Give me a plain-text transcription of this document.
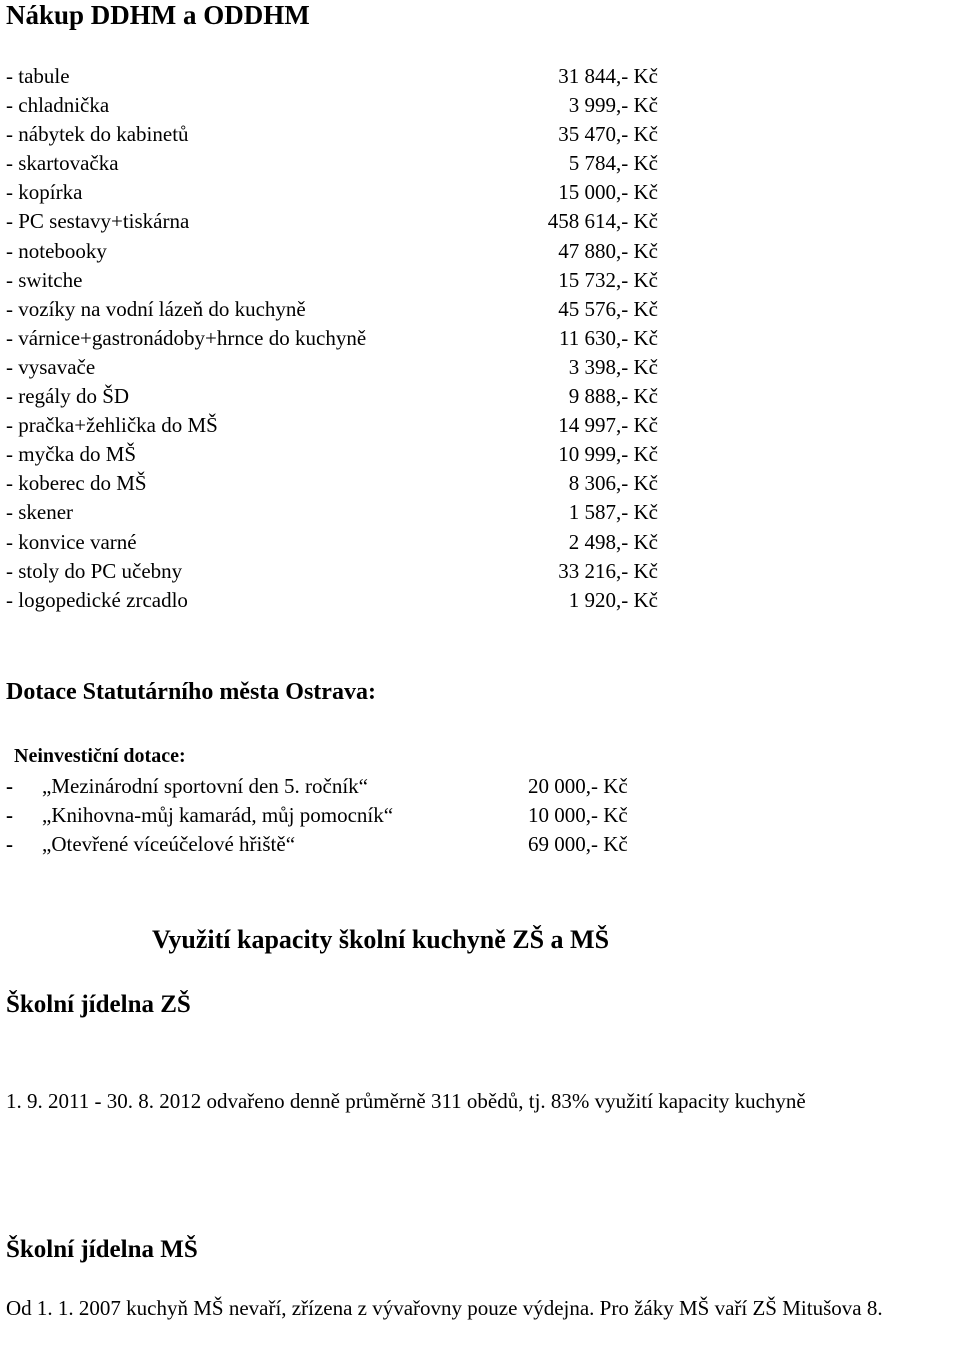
Nákup DDHM a ODDHM
- tabule	31 844,- Kč
- chladnička	3 999,- Kč
- nábytek do kabinetů	35 470,- Kč
- skartovačka	5 784,- Kč
- kopírka	15 000,- Kč
- PC sestavy+tiskárna	458 614,- Kč
- notebooky	47 880,- Kč
- switche	15 732,- Kč
- vozíky na vodní lázeň do kuchyně	45 576,- Kč
- várnice+gastronádoby+hrnce do kuchyně	11 630,- Kč
- vysavače	3 398,- Kč
- regály do ŠD	9 888,- Kč
- pračka+žehlička do MŠ	14 997,- Kč
- myčka do MŠ	10 999,- Kč
- koberec do MŠ	8 306,- Kč
- skener	1 587,- Kč
- konvice varné	2 498,- Kč
- stoly do PC učebny	33 216,- Kč
- logopedické zrcadlo	1 920,- Kč
Dotace Statutárního města Ostrava:
Neinvestiční dotace:
- „Mezinárodní sportovní den 5. ročník“	20 000,- Kč
- „Knihovna-můj kamarád, můj pomocník“	10 000,- Kč
- „Otevřené víceúčelové hřiště“	69 000,- Kč
Využití kapacity školní kuchyně ZŠ a MŠ
Školní jídelna ZŠ
1. 9. 2011 - 30. 8. 2012 odvařeno denně průměrně 311 obědů, tj. 83% využití kapacity kuchyně
Školní jídelna MŠ
Od 1. 1. 2007 kuchyň MŠ nevaří, zřízena z vývařovny pouze výdejna. Pro žáky MŠ vaří ZŠ Mitušova 8.
